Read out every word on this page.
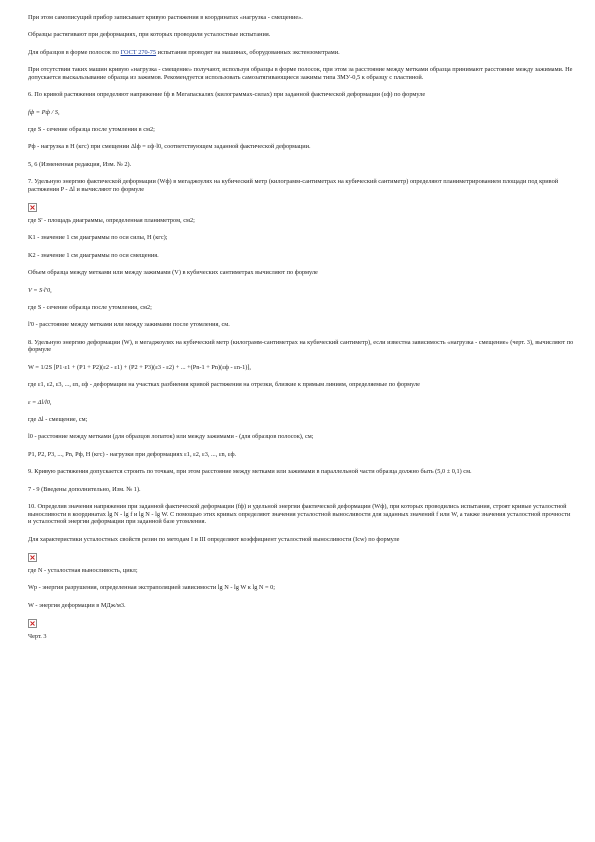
При этом самописущий прибор записывает кривую растяжения в координатах «нагрузка - смещение».

Образцы растягивают при деформациях, при которых проводили усталостные испытания.

Для образцов в форме полосок по ГОСТ 270-75 испытания проводят на машинах, оборудованных экстензометрами.

При отсутствии таких машин кривую «нагрузка - смещение» получают, используя образцы в форме полосок, при этом за расстояние между метками образца принимают расстояние между зажимами. Не допускается выскальзывание образца из зажимов. Рекомендуется использовать самозатягивающиеся зажимы типа ЗМУ-0,5 к образцу с пластиной.

6. По кривой растяжения определяют напряжение fф в Мегапаскалях (килограммах-силах) при заданной фактической деформации (εф) по формуле

fф = Pф / S,

где S - сечение образца после утомления в см2;

Pф - нагрузка в Н (кгс) при смещении Δlф = εф·l0, соответствующем заданной фактической деформации.

5, 6 (Измененная редакция, Изм. № 2).

7. Удельную энергию фактической деформации (Wф) в мегаджоулях на кубический метр (килограмм-сантиметрах на кубический сантиметр) определяют планиметрированием площади под кривой растяжения P - Δl и вычисляют по формуле

где S' - площадь диаграммы, определенная планиметром, см2;

K1 - значение 1 см диаграммы по оси силы, Н (кгс);

K2 - значение 1 см диаграммы по оси смещения.

Объем образца между метками или между зажимами (V) в кубических сантиметрах вычисляют по формуле

V = S·l'0,

где S - сечение образца после утомления, см2;

l'0 - расстояние между метками или между зажимами после утомления, см.

8. Удельную энергию деформации (W), в мегаджоулях на кубический метр (килограмм-сантиметрах на кубический сантиметр), если известна зависимость «нагрузка - смещение» (черт. 3), вычисляют по формуле

W = 1/2S [P1·ε1 + (P1 + P2)(ε2 - ε1) + (P2 + P3)(ε3 - ε2) + ... +(Pn-1 + Pn)(εф - εn-1)],

где ε1, ε2, ε3, ..., εn, εф - деформации на участках разбиения кривой растяжения на отрезки, близкие к прямым линиям, определяемые по формуле

ε = Δl/l0,

где Δl - смещение, см;

l0 - расстояние между метками (для образцов лопаток) или между зажимами - (для образцов полосок), см;

P1, P2, P3, ..., Pn, Pф, Н (кгс) - нагрузки при деформациях ε1, ε2, ε3, ..., εn, εф.

9. Кривую растяжения допускается строить по точкам, при этом расстояние между метками или зажимами в параллельной части образца должно быть (5,0 ± 0,1) см.

7 - 9 (Введены дополнительно, Изм. № 1).

10. Определив значения напряжения при заданной фактической деформации (fф) и удельной энергии фактической деформации (Wф), при которых проводились испытания, строят кривые усталостной выносливости в координатах lg N - lg f и lg N - lg W. С помощью этих кривых определяют значения усталостной выносливости для заданных значений f или W, а также значения усталостной прочности и усталостной энергии деформации при заданной базе утомления.

Для характеристики усталостных свойств резин по методам I и III определяют коэффициент усталостной выносливости (Ісw) по формуле

где N - усталостная выносливость, цикл;

Wр - энергия разрушения, определенная экстраполяцией зависимости lg N - lg W к lg N = 0;

W - энергия деформации в МДж/м3.

Черт. 3
